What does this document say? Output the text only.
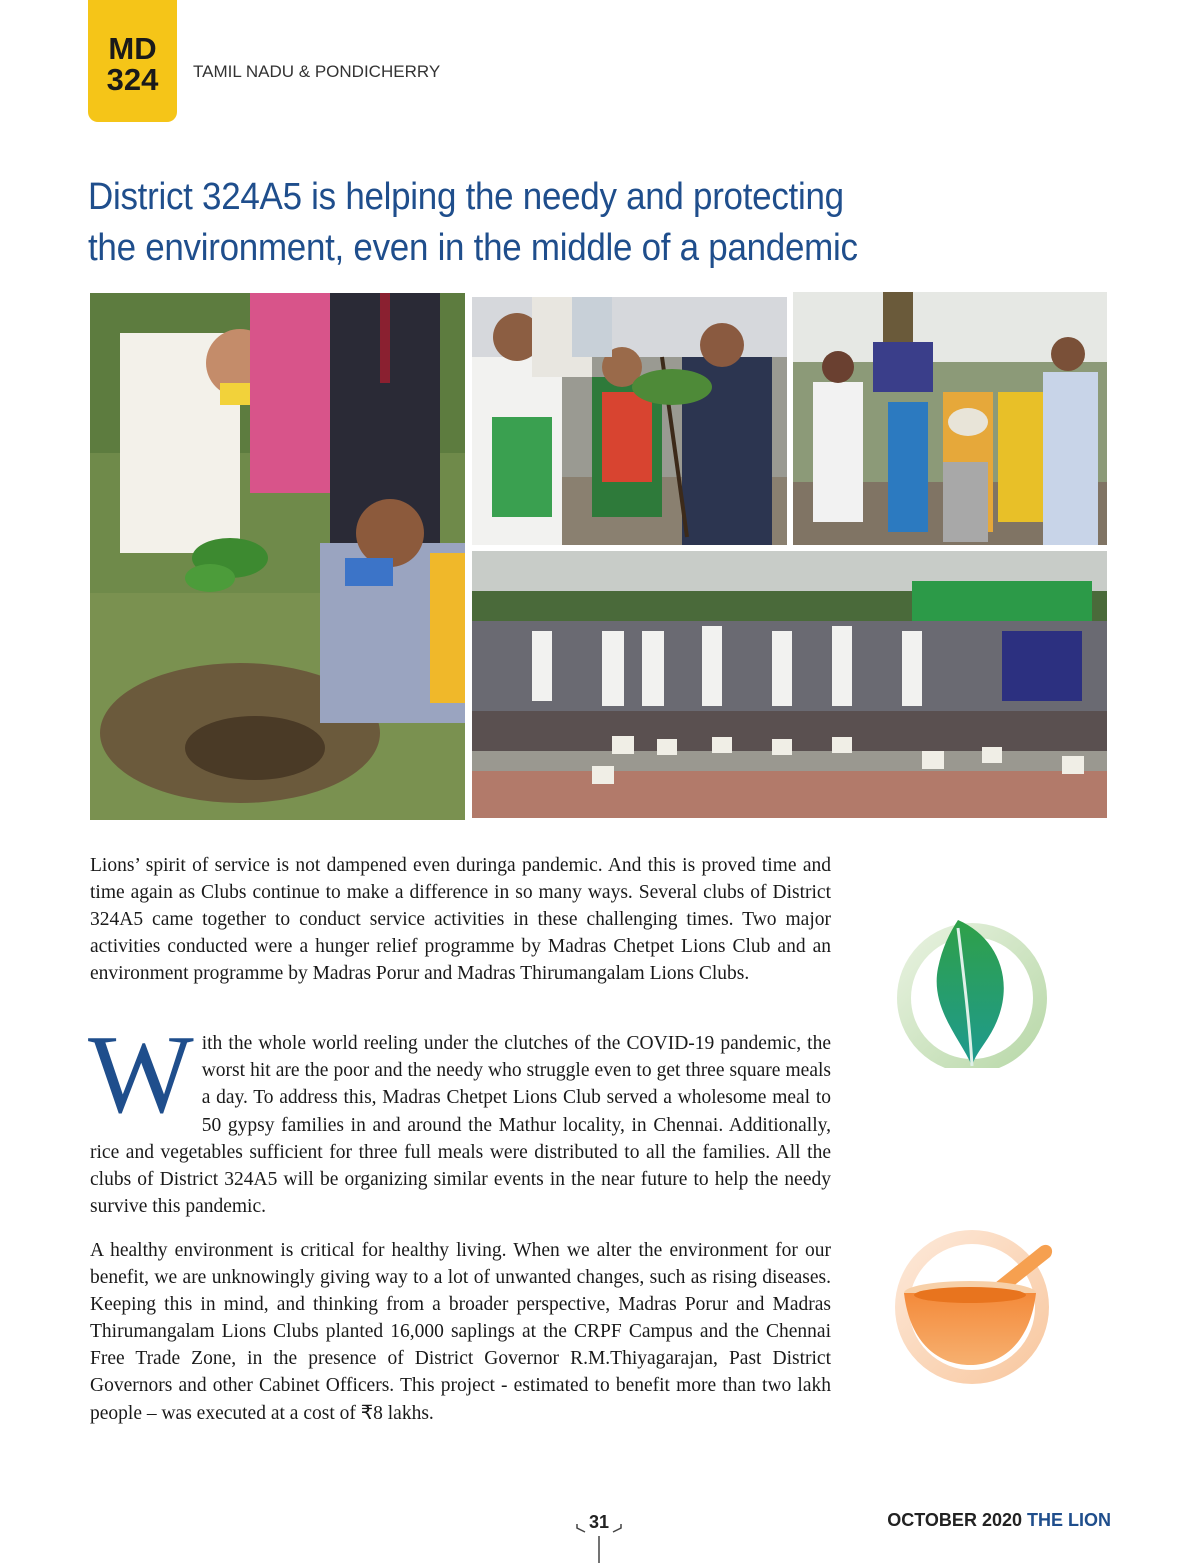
MD
324 TAMIL NADU & PONDICHERRY
District 324A5 is helping the needy and protecting
the environment, even in the middle of a pandemic

Lions’ spirit of service is not dampened even duringa pandemic. And this is proved time and time again as Clubs continue to make a difference in so many ways. Several clubs of District 324A5 came together to conduct service activities in these challenging times. Two major activities conducted were a hunger relief programme by Madras Chetpet Lions Club and an environment programme by Madras Porur and Madras Thirumangalam Lions Clubs.

With the whole world reeling under the clutches of the COVID-19 pandemic, the worst hit are the poor and the needy who struggle even to get three square meals a day. To address this, Madras Chetpet Lions Club served a wholesome meal to 50 gypsy families in and around the Mathur locality, in Chennai. Additionally, rice and vegetables sufficient for three full meals were distributed to all the families. All the clubs of District 324A5 will be organizing similar events in the near future to help the needy survive this pandemic.

A healthy environment is critical for healthy living. When we alter the environment for our benefit, we are unknowingly giving way to a lot of unwanted changes, such as rising diseases. Keeping this in mind, and thinking from a broader perspective, Madras Porur and Madras Thirumangalam Lions Clubs planted 16,000 saplings at the CRPF Campus and the Chennai Free Trade Zone, in the presence of District Governor R.M.Thiyagarajan, Past District Governors and other Cabinet Officers. This project - estimated to benefit more than two lakh people – was executed at a cost of ₹8 lakhs.

31	OCTOBER 2020 THE LION
